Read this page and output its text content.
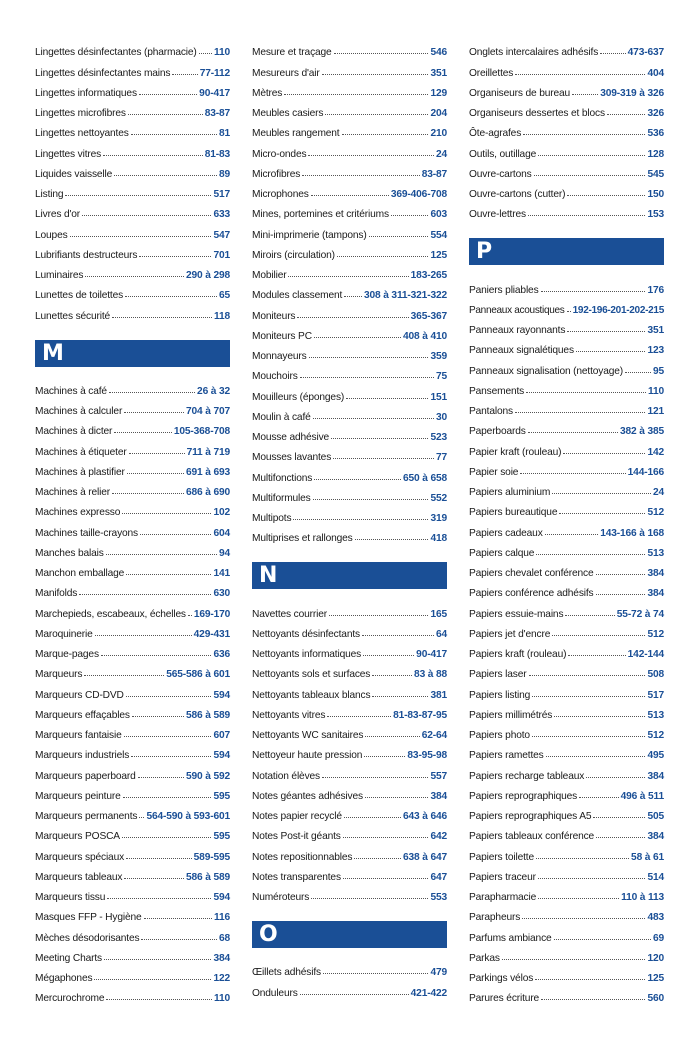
Lingettes désinfectantes (pharmacie) 110
Lingettes désinfectantes mains	77-112
Lingettes informatiques	90-417
Lingettes microfibres	83-87
Lingettes nettoyantes	81
Lingettes vitres	81-83
Liquides vaisselle	89
Listing	517
Livres d'or	633
Loupes	547
Lubrifiants destructeurs	701
Luminaires	290 à 298
Lunettes de toilettes	65
Lunettes sécurité	118
M
Machines à café	26 à 32
Machines à calculer	704 à 707
Machines à dicter	105-368-708
Machines à étiqueter	711 à 719
Machines à plastifier	691 à 693
Machines à relier	686 à 690
Machines expresso	102
Machines taille-crayons	604
Manches balais	94
Manchon emballage	141
Manifolds	630
Marchepieds, escabeaux, échelles 169-170
Maroquinerie	429-431
Marque-pages	636
Marqueurs	565-586 à 601
Marqueurs CD-DVD	594
Marqueurs effaçables	586 à 589
Marqueurs fantaisie	607
Marqueurs industriels	594
Marqueurs paperboard	590 à 592
Marqueurs peinture	595
Marqueurs permanents 564-590 à 593-601
Marqueurs POSCA	595
Marqueurs spéciaux	589-595
Marqueurs tableaux	586 à 589
Marqueurs tissu	594
Masques FFP - Hygiène	116
Mèches désodorisantes	68
Meeting Charts	384
Mégaphones	122
Mercurochrome	110
Mesure et traçage	546
Mesureurs d'air	351
Mètres	129
Meubles casiers	204
Meubles rangement	210
Micro-ondes	24
Microfibres	83-87
Microphones	369-406-708
Mines, portemines et critériums	603
Mini-imprimerie (tampons)	554
Miroirs (circulation)	125
Mobilier	183-265
Modules classement 308 à 311-321-322
Moniteurs	365-367
Moniteurs PC	408 à 410
Monnayeurs	359
Mouchoirs	75
Mouilleurs (éponges)	151
Moulin à café	30
Mousse adhésive	523
Mousses lavantes	77
Multifonctions	650 à 658
Multiformules	552
Multipots	319
Multiprises et rallonges	418
N
Navettes courrier	165
Nettoyants désinfectants	64
Nettoyants informatiques	90-417
Nettoyants sols et surfaces	83 à 88
Nettoyants tableaux blancs	381
Nettoyants vitres	81-83-87-95
Nettoyants WC sanitaires	62-64
Nettoyeur haute pression	83-95-98
Notation élèves	557
Notes géantes adhésives	384
Notes papier recyclé	643 à 646
Notes Post-it géants	642
Notes repositionnables	638 à 647
Notes transparentes	647
Numéroteurs	553
O
Œillets adhésifs	479
Onduleurs	421-422
Onglets intercalaires adhésifs	473-637
Oreillettes	404
Organiseurs de bureau	309-319 à 326
Organiseurs dessertes et blocs	326
Ôte-agrafes	536
Outils, outillage	128
Ouvre-cartons	545
Ouvre-cartons (cutter)	150
Ouvre-lettres	153
P
Paniers pliables	176
Panneaux acoustiques 192-196-201-202-215
Panneaux rayonnants	351
Panneaux signalétiques	123
Panneaux signalisation (nettoyage)	95
Pansements	110
Pantalons	121
Paperboards	382 à 385
Papier kraft (rouleau)	142
Papier soie	144-166
Papiers aluminium	24
Papiers bureautique	512
Papiers cadeaux	143-166 à 168
Papiers calque	513
Papiers chevalet conférence	384
Papiers conférence adhésifs	384
Papiers essuie-mains	55-72 à 74
Papiers jet d'encre	512
Papiers kraft (rouleau)	142-144
Papiers laser	508
Papiers listing	517
Papiers millimétrés	513
Papiers photo	512
Papiers ramettes	495
Papiers recharge tableaux	384
Papiers reprographiques	496 à 511
Papiers reprographiques A5	505
Papiers tableaux conférence	384
Papiers toilette	58 à 61
Papiers traceur	514
Parapharmacie	110 à 113
Parapheurs	483
Parfums ambiance	69
Parkas	120
Parkings vélos	125
Parures écriture	560
